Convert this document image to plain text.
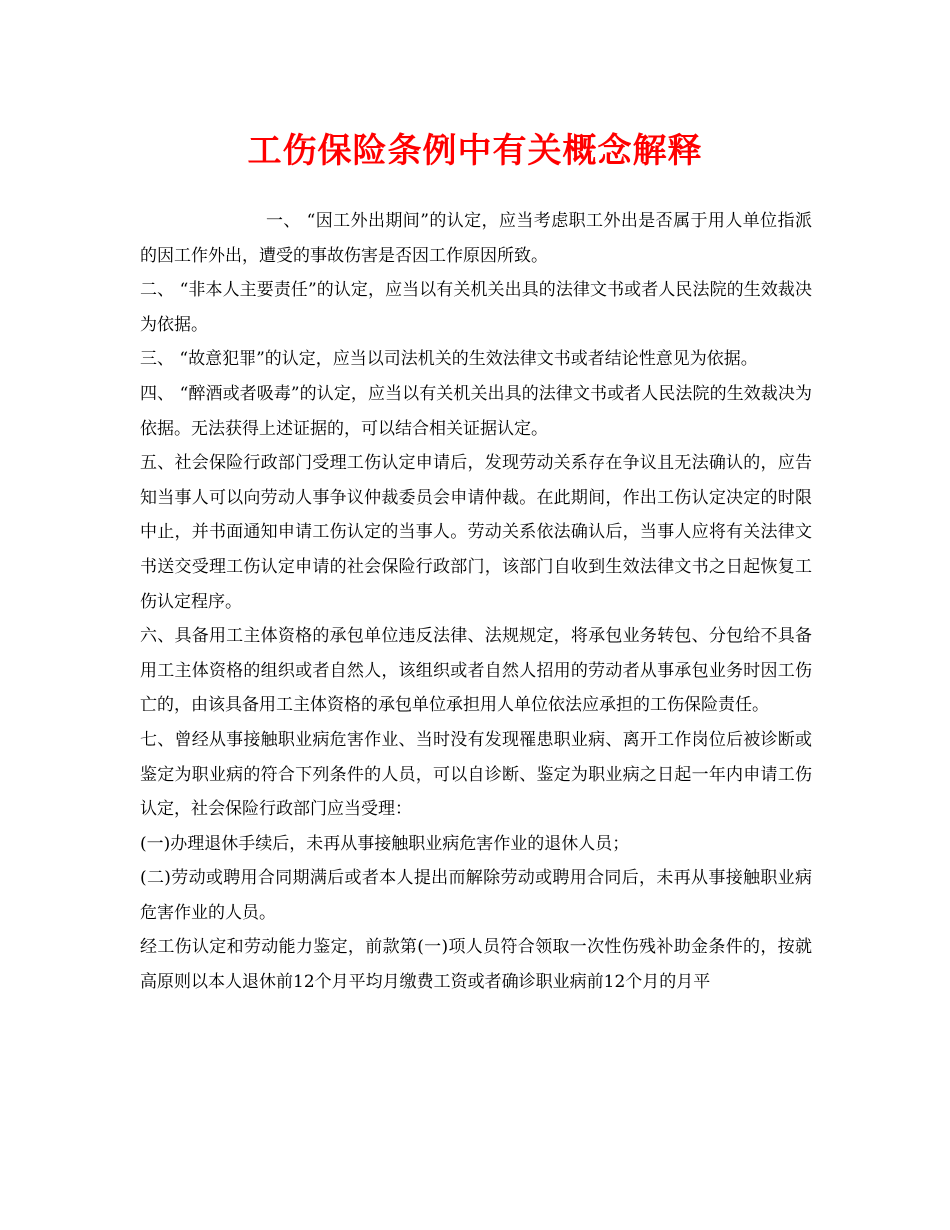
工伤保险条例中有关概念解释

一、 “因工外出期间”的认定，应当考虑职工外出是否属于用人单位指派的因工作外出，遭受的事故伤害是否因工作原因所致。

二、 “非本人主要责任”的认定，应当以有关机关出具的法律文书或者人民法院的生效裁决为依据。

三、 “故意犯罪”的认定，应当以司法机关的生效法律文书或者结论性意见为依据。

四、 “醉酒或者吸毒”的认定，应当以有关机关出具的法律文书或者人民法院的生效裁决为依据。无法获得上述证据的，可以结合相关证据认定。

五、社会保险行政部门受理工伤认定申请后，发现劳动关系存在争议且无法确认的，应告知当事人可以向劳动人事争议仲裁委员会申请仲裁。在此期间，作出工伤认定决定的时限中止，并书面通知申请工伤认定的当事人。劳动关系依法确认后，当事人应将有关法律文书送交受理工伤认定申请的社会保险行政部门，该部门自收到生效法律文书之日起恢复工伤认定程序。

六、具备用工主体资格的承包单位违反法律、法规规定，将承包业务转包、分包给不具备用工主体资格的组织或者自然人，该组织或者自然人招用的劳动者从事承包业务时因工伤亡的，由该具备用工主体资格的承包单位承担用人单位依法应承担的工伤保险责任。

七、曾经从事接触职业病危害作业、当时没有发现罹患职业病、离开工作岗位后被诊断或鉴定为职业病的符合下列条件的人员，可以自诊断、鉴定为职业病之日起一年内申请工伤认定，社会保险行政部门应当受理：

(一)办理退休手续后，未再从事接触职业病危害作业的退休人员；

(二)劳动或聘用合同期满后或者本人提出而解除劳动或聘用合同后，未再从事接触职业病危害作业的人员。

经工伤认定和劳动能力鉴定，前款第(一)项人员符合领取一次性伤残补助金条件的，按就高原则以本人退休前12个月平均月缴费工资或者确诊职业病前12个月的月平
